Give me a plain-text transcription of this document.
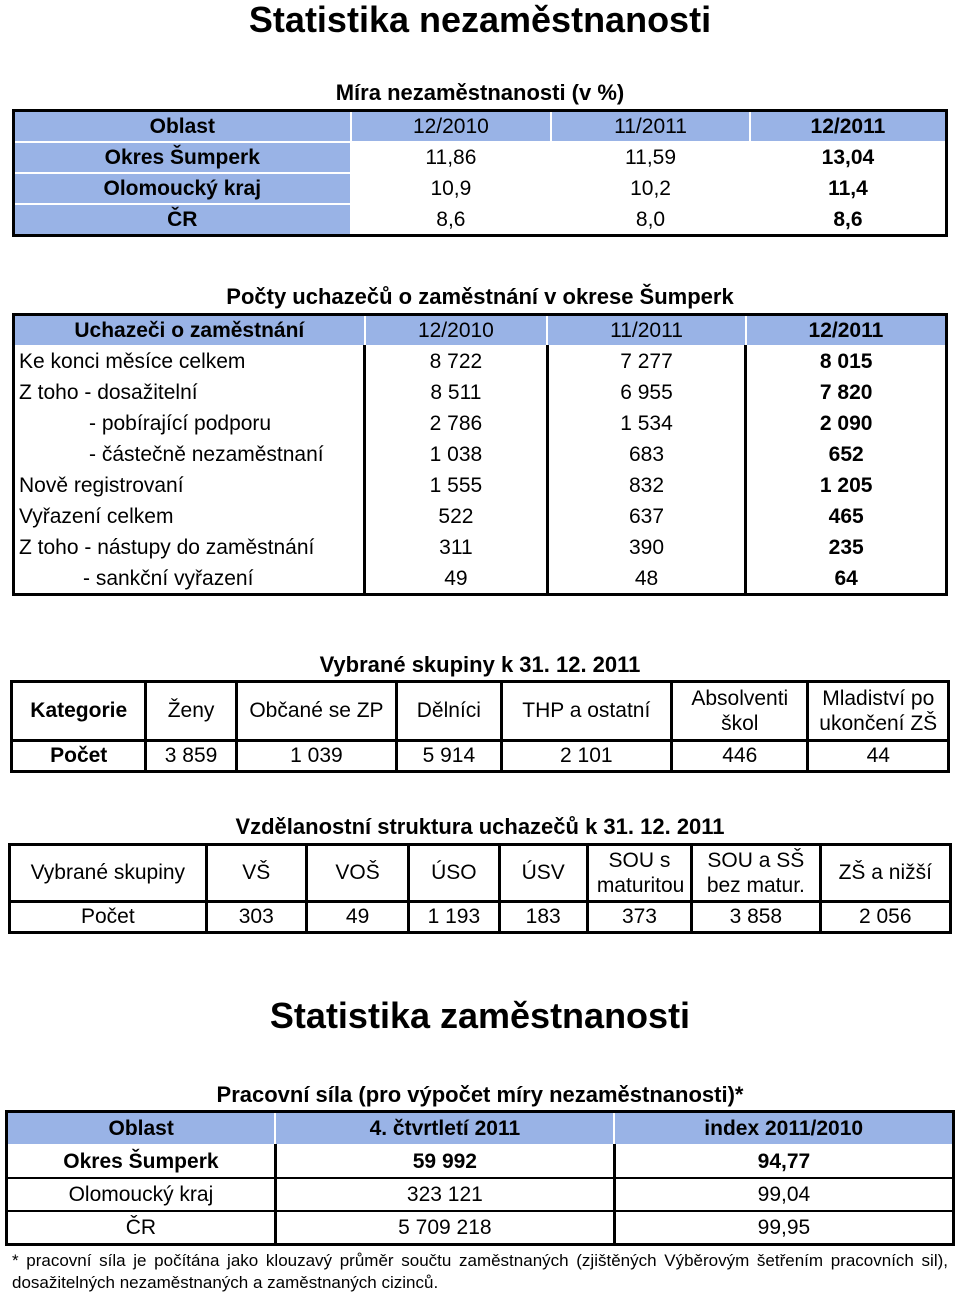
Statistika nezaměstnanosti
Míra nezaměstnanosti (v %)
Oblast	12/2010	11/2011	12/2011
Okres Šumperk	11,86	11,59	13,04
Olomoucký kraj	10,9	10,2	11,4
ČR	8,6	8,0	8,6
Počty uchazečů o zaměstnání v okrese Šumperk
Uchazeči o zaměstnání	12/2010	11/2011	12/2011
Ke konci měsíce celkem	8 722	7 277	8 015
Z toho - dosažitelní	8 511	6 955	7 820
- pobírající podporu	2 786	1 534	2 090
- částečně nezaměstnaní	1 038	683	652
Nově registrovaní	1 555	832	1 205
Vyřazení celkem	522	637	465
Z toho - nástupy do zaměstnání	311	390	235
- sankční vyřazení	49	48	64
Vybrané skupiny k 31. 12. 2011
Kategorie	Ženy	Občané se ZP	Dělníci	THP a ostatní	Absolventi škol	Mladiství po ukončení ZŠ
Počet	3 859	1 039	5 914	2 101	446	44
Vzdělanostní struktura uchazečů k 31. 12. 2011
Vybrané skupiny	VŠ	VOŠ	ÚSO	ÚSV	SOU s maturitou	SOU a SŠ bez matur.	ZŠ a nižší
Počet	303	49	1 193	183	373	3 858	2 056
Statistika zaměstnanosti
Pracovní síla (pro výpočet míry nezaměstnanosti)*
Oblast	4. čtvrtletí 2011	index 2011/2010
Okres Šumperk	59 992	94,77
Olomoucký kraj	323 121	99,04
ČR	5 709 218	99,95
* pracovní síla je počítána jako klouzavý průměr součtu zaměstnaných (zjištěných Výběrovým šetřením pracovních sil), dosažitelných nezaměstnaných a zaměstnaných cizinců.
